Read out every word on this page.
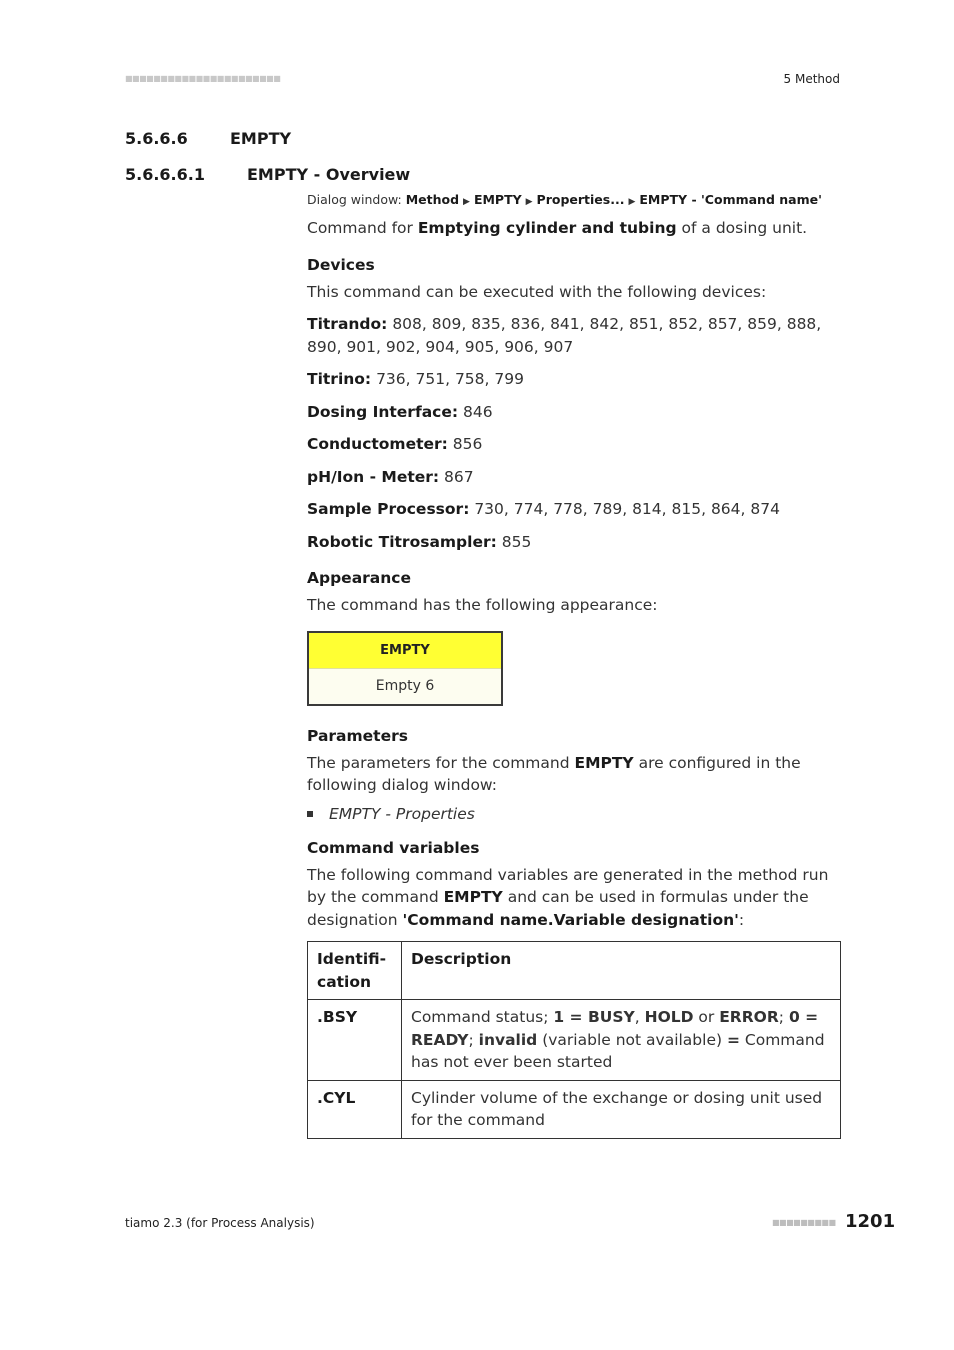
■■■■■■■■■■■■■■■■■■■■■■	5 Method
5.6.6.6	EMPTY
5.6.6.6.1	EMPTY - Overview
Dialog window: Method ▶ EMPTY ▶ Properties... ▶ EMPTY - 'Command name'

Command for Emptying cylinder and tubing of a dosing unit.

Devices

This command can be executed with the following devices:

Titrando: 808, 809, 835, 836, 841, 842, 851, 852, 857, 859, 888, 890, 901, 902, 904, 905, 906, 907

Titrino: 736, 751, 758, 799

Dosing Interface: 846

Conductometer: 856

pH/Ion - Meter: 867

Sample Processor: 730, 774, 778, 789, 814, 815, 864, 874

Robotic Titrosampler: 855

Appearance

The command has the following appearance:

EMPTY
Empty 6
Parameters

The parameters for the command EMPTY are configured in the following dialog window:

EMPTY - Properties
Command variables

The following command variables are generated in the method run by the command EMPTY and can be used in formulas under the designation 'Command name.Variable designation':

Identifi-cation	Description
.BSY	Command status; 1 = BUSY, HOLD or ERROR; 0 = READY; invalid (variable not available) = Command has not ever been started
.CYL	Cylinder volume of the exchange or dosing unit used for the command
tiamo 2.3 (for Process Analysis)	■■■■■■■■■ 1201
